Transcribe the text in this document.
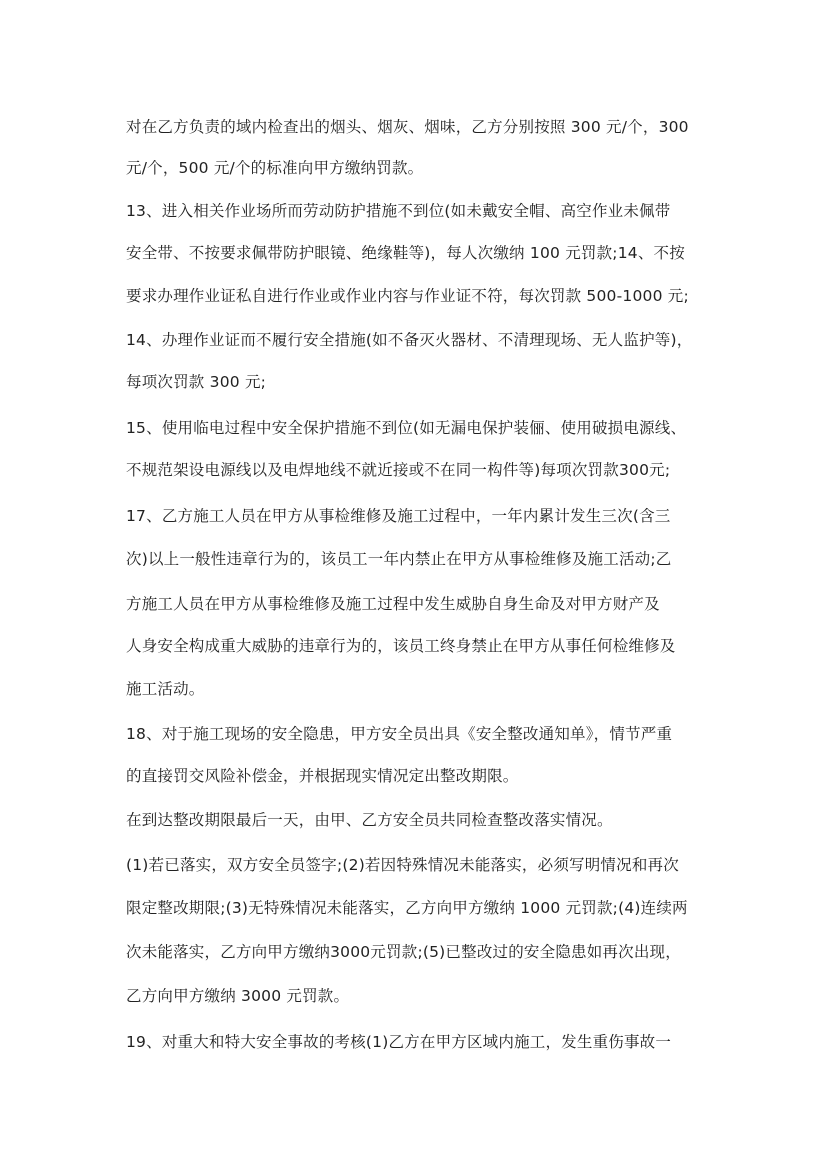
对在乙方负责的域内检查出的烟头、烟灰、烟味，乙方分别按照 300 元/个，300
元/个，500 元/个的标准向甲方缴纳罚款。
13、进入相关作业场所而劳动防护措施不到位(如未戴安全帽、高空作业未佩带
安全带、不按要求佩带防护眼镜、绝缘鞋等)，每人次缴纳 100 元罚款;14、不按
要求办理作业证私自进行作业或作业内容与作业证不符，每次罚款 500-1000 元;
14、办理作业证而不履行安全措施(如不备灭火器材、不清理现场、无人监护等)，
每项次罚款 300 元;
15、使用临电过程中安全保护措施不到位(如无漏电保护装俪、使用破损电源线、
不规范架设电源线以及电焊地线不就近接或不在同一构件等)每项次罚款300元;
17、乙方施工人员在甲方从事检维修及施工过程中，一年内累计发生三次(含三
次)以上一般性违章行为的，该员工一年内禁止在甲方从事检维修及施工活动;乙
方施工人员在甲方从事检维修及施工过程中发生威胁自身生命及对甲方财产及
人身安全构成重大威胁的违章行为的，该员工终身禁止在甲方从事任何检维修及
施工活动。
18、对于施工现场的安全隐患，甲方安全员出具《安全整改通知单》，情节严重
的直接罚交风险补偿金，并根据现实情况定出整改期限。
在到达整改期限最后一天，由甲、乙方安全员共同检查整改落实情况。
(1)若已落实，双方安全员签字;(2)若因特殊情况未能落实，必须写明情况和再次
限定整改期限;(3)无特殊情况未能落实，乙方向甲方缴纳 1000 元罚款;(4)连续两
次未能落实，乙方向甲方缴纳3000元罚款;(5)已整改过的安全隐患如再次出现，
乙方向甲方缴纳 3000 元罚款。
19、对重大和特大安全事故的考核(1)乙方在甲方区域内施工，发生重伤事故一
